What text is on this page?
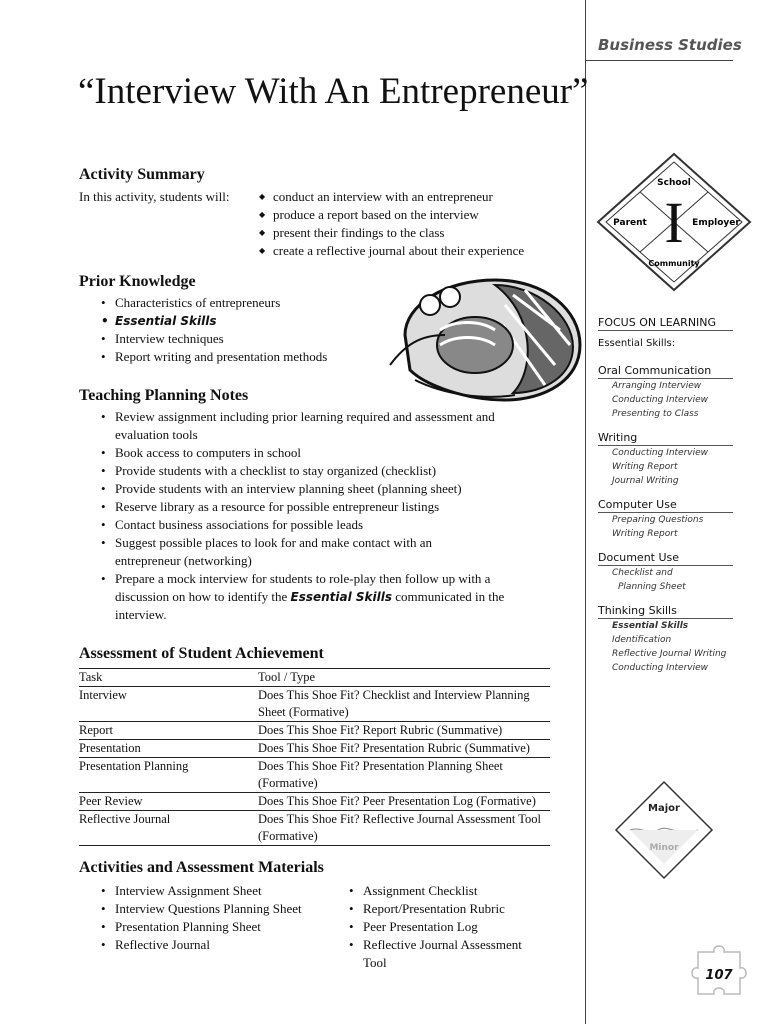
Business Studies
“Interview With An Entrepreneur”
Activity Summary
In this activity, students will:	◆ conduct an interview with an entrepreneur
◆ produce a report based on the interview
◆ present their findings to the class
◆ create a reflective journal about their experience I
School
Parent	Employer
Community
Prior Knowledge
• Characteristics of entrepreneurs
• Essential Skills
• Interview techniques
• Report writing and presentation methods
Teaching Planning Notes
• Review assignment including prior learning required and assessment and evaluation tools
• Book access to computers in school
• Provide students with a checklist to stay organized (checklist)
• Provide students with an interview planning sheet (planning sheet)
• Reserve library as a resource for possible entrepreneur listings
• Contact business associations for possible leads
• Suggest possible places to look for and make contact with an entrepreneur (networking)
• Prepare a mock interview for students to role-play then follow up with a discussion on how to identify the Essential Skills communicated in the interview.
Assessment of Student Achievement
Task	Tool / Type
Interview	Does This Shoe Fit? Checklist and Interview Planning Sheet (Formative)
Report	Does This Shoe Fit? Report Rubric (Summative)
Presentation	Does This Shoe Fit? Presentation Rubric (Summative)
Presentation Planning	Does This Shoe Fit? Presentation Planning Sheet (Formative)
Peer Review	Does This Shoe Fit? Peer Presentation Log (Formative)
Reflective Journal	Does This Shoe Fit? Reflective Journal Assessment Tool (Formative)
Activities and Assessment Materials
• Interview Assignment Sheet
• Interview Questions Planning Sheet
• Presentation Planning Sheet
• Reflective Journal
• Assignment Checklist
• Report/Presentation Rubric
• Peer Presentation Log
• Reflective Journal Assessment Tool
FOCUS ON LEARNING
Essential Skills:
Oral Communication
Arranging Interview
Conducting Interview
Presenting to Class
Writing
Conducting Interview
Writing Report
Journal Writing
Computer Use
Preparing Questions
Writing Report
Document Use
Checklist and
Planning Sheet
Thinking Skills
Essential Skills Identification
Reflective Journal Writing
Conducting Interview
Major
Minor
107
